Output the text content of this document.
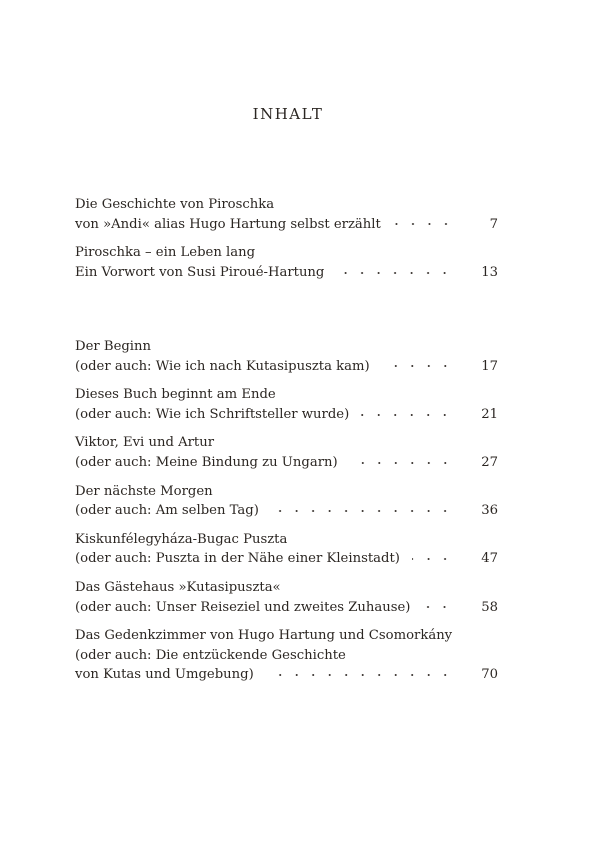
INHALT
Die Geschichte von Piroschka
von »Andi« alias Hugo Hartung selbst erzählt	7
Piroschka – ein Leben lang
Ein Vorwort von Susi Piroué-Hartung	13
Der Beginn
(oder auch: Wie ich nach Kutasipuszta kam)	17
Dieses Buch beginnt am Ende
(oder auch: Wie ich Schriftsteller wurde)	21
Viktor, Evi und Artur
(oder auch: Meine Bindung zu Ungarn)	27
Der nächste Morgen
(oder auch: Am selben Tag)	36
Kiskunfélegyháza-Bugac Puszta
(oder auch: Puszta in der Nähe einer Kleinstadt)	47
Das Gästehaus »Kutasipuszta«
(oder auch: Unser Reiseziel und zweites Zuhause)	58
Das Gedenkzimmer von Hugo Hartung und Csomorkány
(oder auch: Die entzückende Geschichte
von Kutas und Umgebung)	70
